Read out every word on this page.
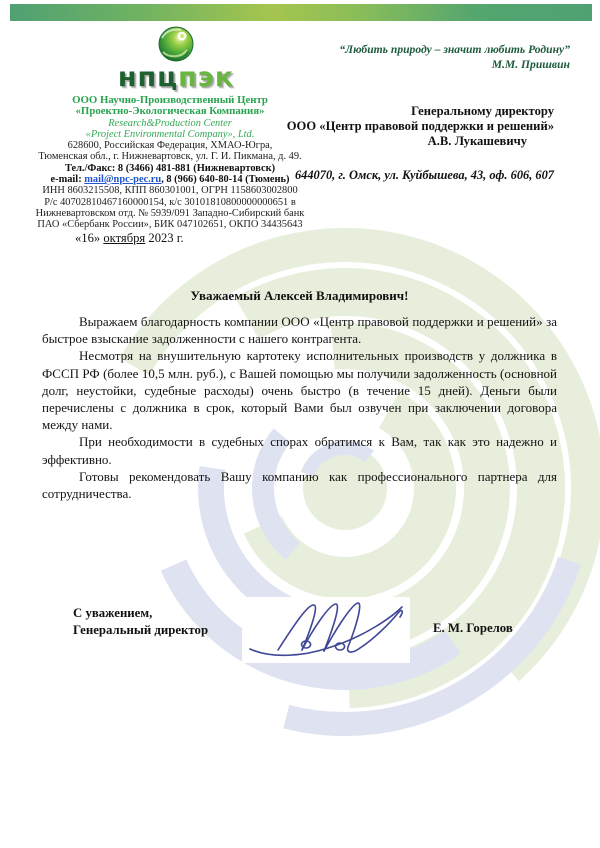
нпцпэк
“Любить природу – значит любить Родину”
М.М. Пришвин
ООО Научно-Производственный Центр
«Проектно-Экологическая Компания»
Research&Production Center
«Project Environmental Company», Ltd.
628600, Российская Федерация, ХМАО-Югра,
Тюменская обл., г. Нижневартовск, ул. Г. И. Пикмана, д. 49.
Тел./Факс: 8 (3466) 481-881 (Нижневартовск)
e-mail: mail@npc-pec.ru, 8 (966) 640-80-14 (Тюмень)
ИНН 8603215508, КПП 860301001, ОГРН 1158603002800
Р/с 40702810467160000154, к/с 30101810800000000651 в
Нижневартовском отд. № 5939/091 Западно-Сибирский банк
ПАО «Сбербанк России», БИК 047102651, ОКПО 34435643
Генеральному директору
ООО «Центр правовой поддержки и решений»
А.В. Лукашевичу
644070, г. Омск, ул. Куйбышева, 43, оф. 606, 607
«16» октября 2023 г.
Уважаемый Алексей Владимирович!

Выражаем благодарность компании ООО «Центр правовой поддержки и решений» за быстрое взыскание задолженности с нашего контрагента.

Несмотря на внушительную картотеку исполнительных производств у должника в ФССП РФ (более 10,5 млн. руб.), с Вашей помощью мы получили задолженность (основной долг, неустойки, судебные расходы) очень быстро (в течение 15 дней). Деньги были перечислены с должника в срок, который Вами был озвучен при заключении договора между нами.

При необходимости в судебных спорах обратимся к Вам, так как это надежно и эффективно.

Готовы рекомендовать Вашу компанию как профессионального партнера для сотрудничества.

С уважением,
Генеральный директор	Е. М. Горелов
